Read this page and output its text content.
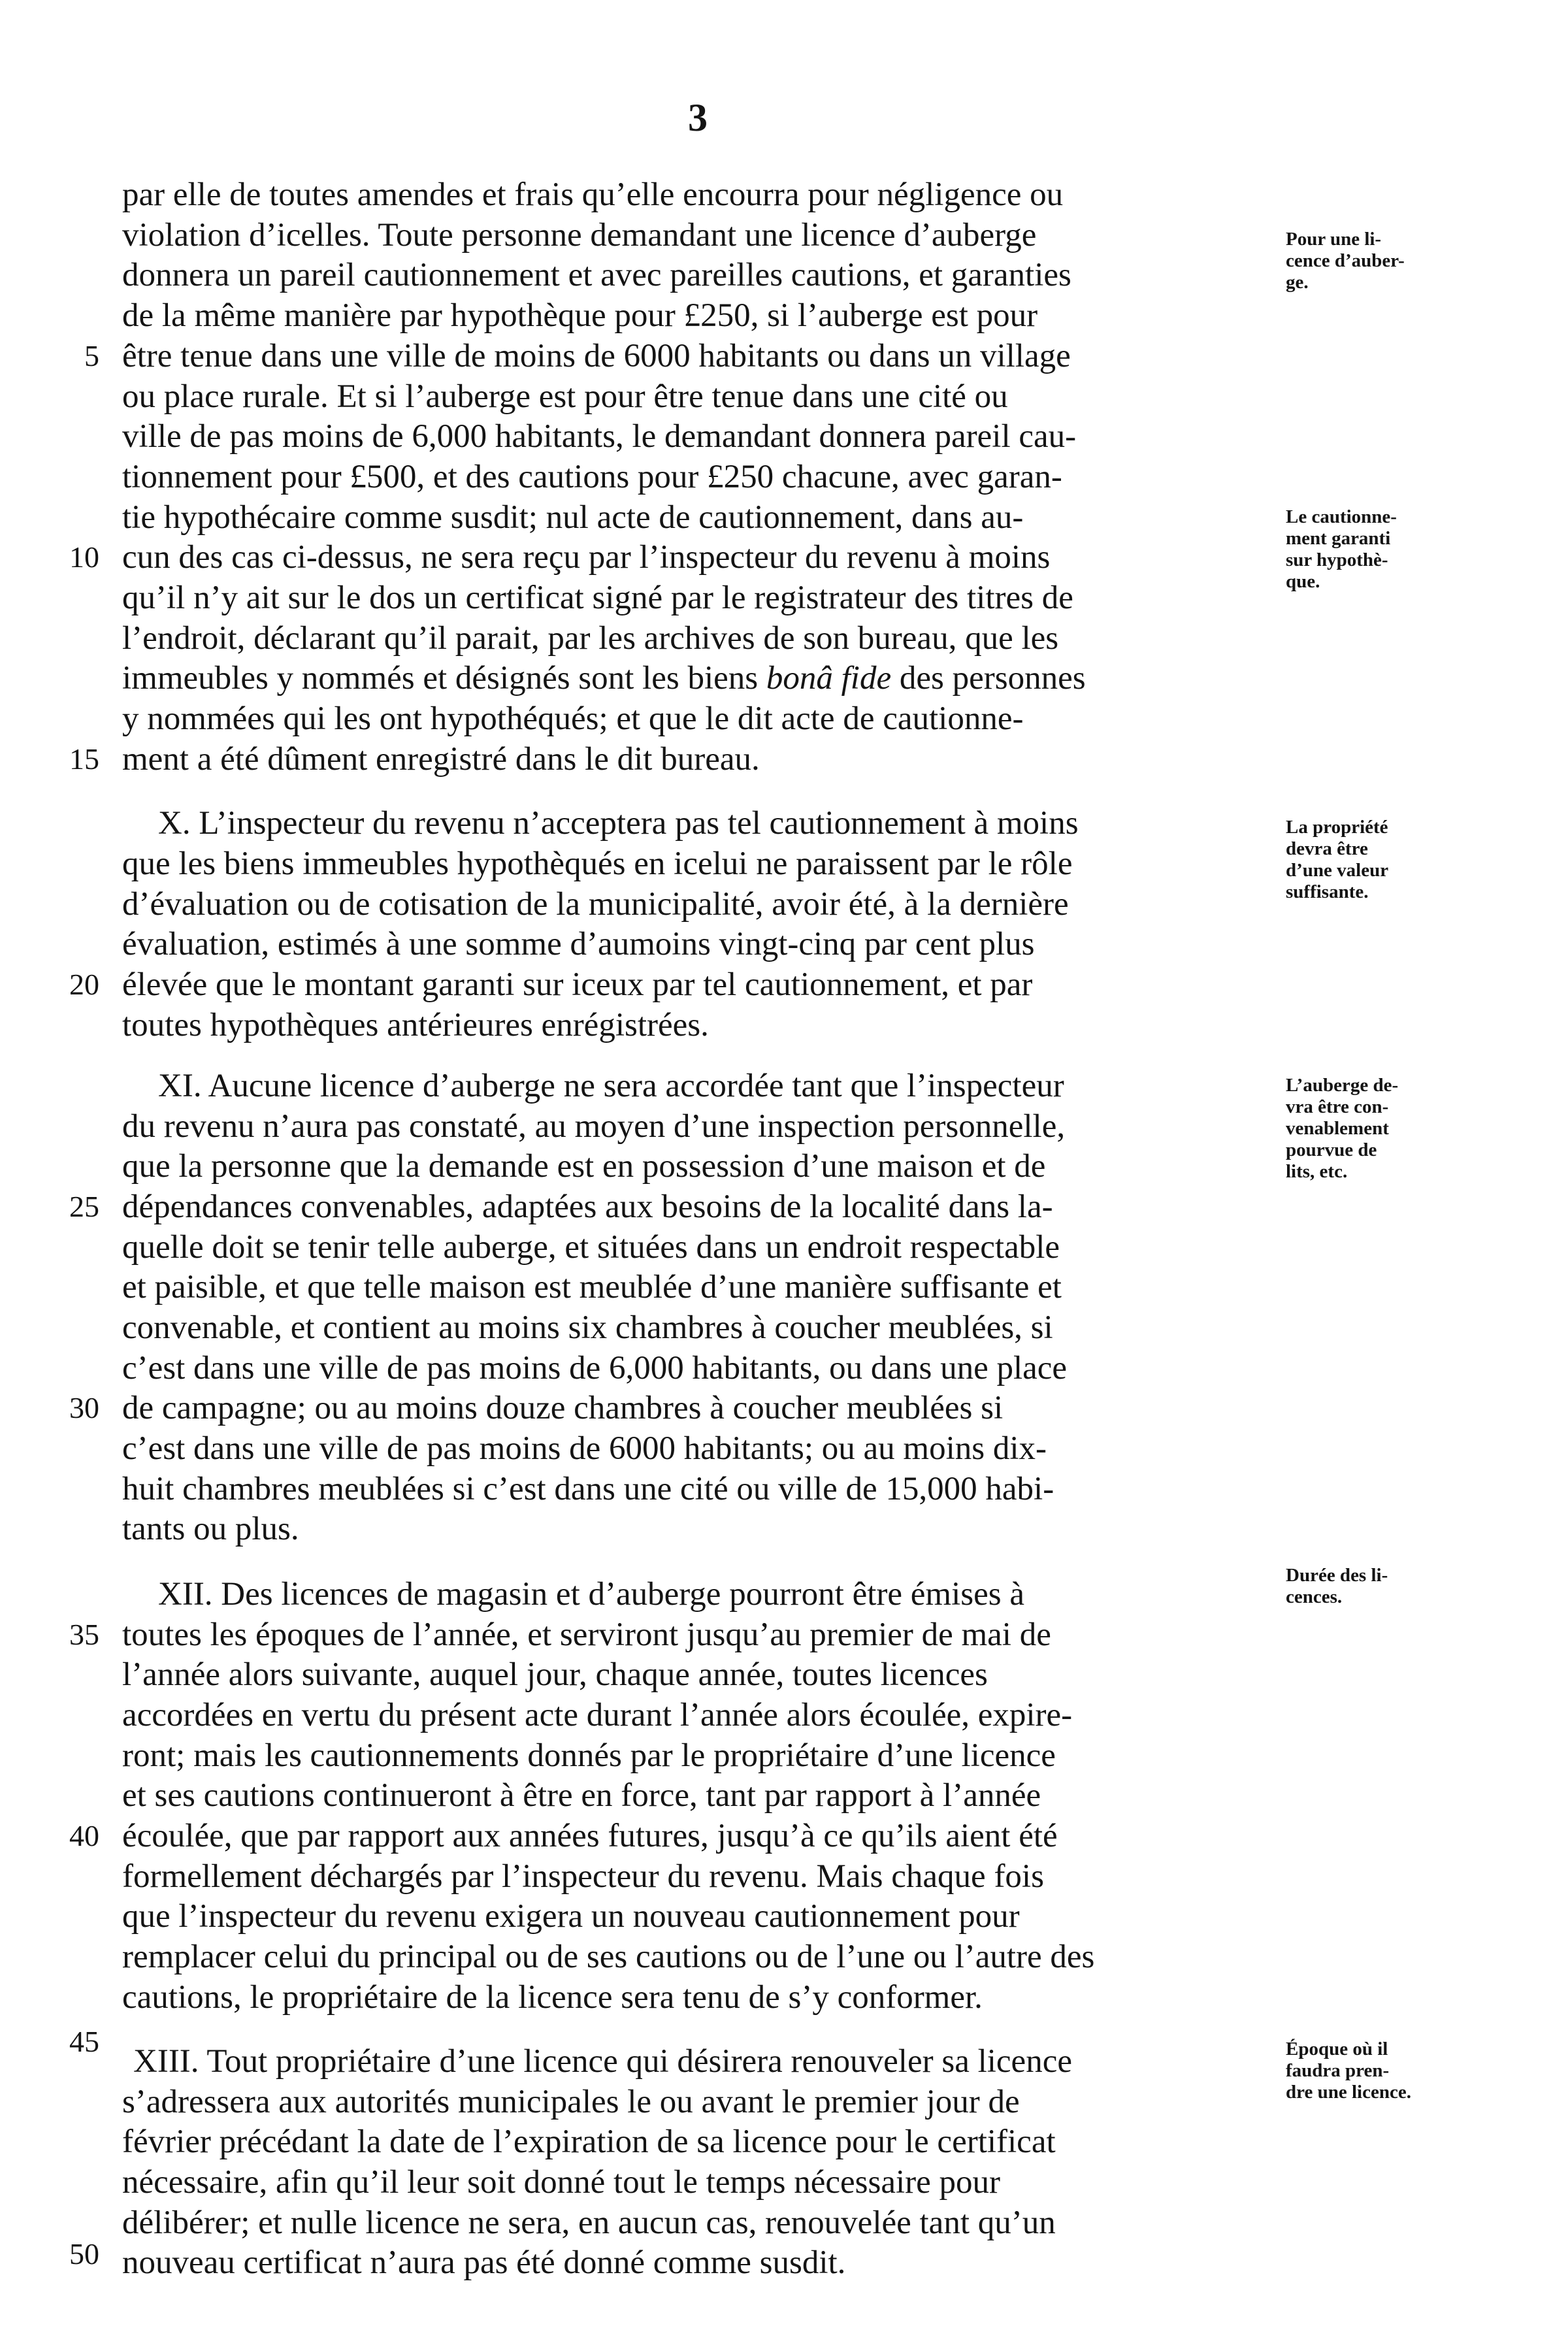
3
par elle de toutes amendes et frais qu’elle encourra pour négligence ou
violation d’icelles. Toute personne demandant une licence d’auberge
donnera un pareil cautionnement et avec pareilles cautions, et garanties
de la même manière par hypothèque pour £250, si l’auberge est pour
être tenue dans une ville de moins de 6000 habitants ou dans un village
ou place rurale. Et si l’auberge est pour être tenue dans une cité ou
ville de pas moins de 6,000 habitants, le demandant donnera pareil cau-
tionnement pour £500, et des cautions pour £250 chacune, avec garan-
tie hypothécaire comme susdit; nul acte de cautionnement, dans au-
cun des cas ci-dessus, ne sera reçu par l’inspecteur du revenu à moins
qu’il n’y ait sur le dos un certificat signé par le registrateur des titres de
l’endroit, déclarant qu’il parait, par les archives de son bureau, que les
immeubles y nommés et désignés sont les biens bonâ fide des personnes
y nommées qui les ont hypothéqués; et que le dit acte de cautionne-
ment a été dûment enregistré dans le dit bureau.
X. L’inspecteur du revenu n’acceptera pas tel cautionnement à moins
que les biens immeubles hypothèqués en icelui ne paraissent par le rôle
d’évaluation ou de cotisation de la municipalité, avoir été, à la dernière
évaluation, estimés à une somme d’aumoins vingt-cinq par cent plus
élevée que le montant garanti sur iceux par tel cautionnement, et par
toutes hypothèques antérieures enrégistrées.
XI. Aucune licence d’auberge ne sera accordée tant que l’inspecteur
du revenu n’aura pas constaté, au moyen d’une inspection personnelle,
que la personne que la demande est en possession d’une maison et de
dépendances convenables, adaptées aux besoins de la localité dans la-
quelle doit se tenir telle auberge, et situées dans un endroit respectable
et paisible, et que telle maison est meublée d’une manière suffisante et
convenable, et contient au moins six chambres à coucher meublées, si
c’est dans une ville de pas moins de 6,000 habitants, ou dans une place
de campagne; ou au moins douze chambres à coucher meublées si
c’est dans une ville de pas moins de 6000 habitants; ou au moins dix-
huit chambres meublées si c’est dans une cité ou ville de 15,000 habi-
tants ou plus.
XII. Des licences de magasin et d’auberge pourront être émises à
toutes les époques de l’année, et serviront jusqu’au premier de mai de
l’année alors suivante, auquel jour, chaque année, toutes licences
accordées en vertu du présent acte durant l’année alors écoulée, expire-
ront; mais les cautionnements donnés par le propriétaire d’une licence
et ses cautions continueront à être en force, tant par rapport à l’année
écoulée, que par rapport aux années futures, jusqu’à ce qu’ils aient été
formellement déchargés par l’inspecteur du revenu. Mais chaque fois
que l’inspecteur du revenu exigera un nouveau cautionnement pour
remplacer celui du principal ou de ses cautions ou de l’une ou l’autre des
cautions, le propriétaire de la licence sera tenu de s’y conformer.
XIII. Tout propriétaire d’une licence qui désirera renouveler sa licence
s’adressera aux autorités municipales le ou avant le premier jour de
février précédant la date de l’expiration de sa licence pour le certificat
nécessaire, afin qu’il leur soit donné tout le temps nécessaire pour
délibérer; et nulle licence ne sera, en aucun cas, renouvelée tant qu’un
nouveau certificat n’aura pas été donné comme susdit.
5
10
15
20
25
30
35
40
45
50
Pour une li-
cence d’auber-
ge.
Le cautionne-
ment garanti
sur hypothè-
que.
La propriété
devra être
d’une valeur
suffisante.
L’auberge de-
vra être con-
venablement
pourvue de
lits, etc.
Durée des li-
cences.
Époque où il
faudra pren-
dre une licence.
